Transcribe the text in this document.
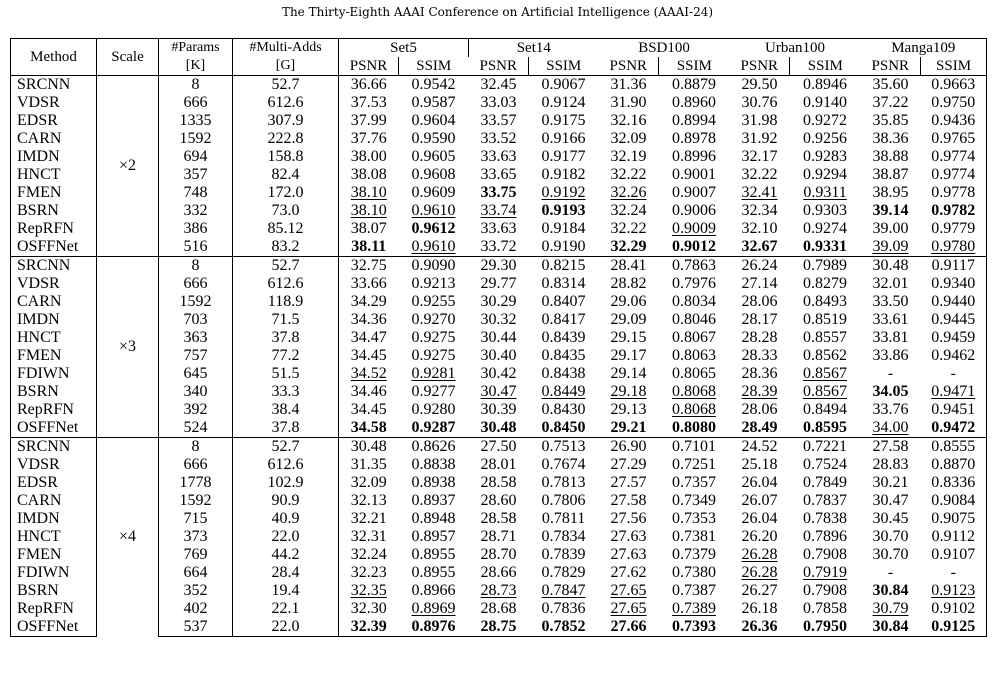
The Thirty-Eighth AAAI Conference on Artificial Intelligence (AAAI-24)
Method	Scale	#Params	#Multi-Adds	Set5		Set14		BSD100		Urban100		Manga109	
		[K]	[G]	PSNR	SSIM	PSNR	SSIM	PSNR	SSIM	PSNR	SSIM	PSNR	SSIM
SRCNN	×2	8	52.7	36.66	0.9542	32.45	0.9067	31.36	0.8879	29.50	0.8946	35.60	0.9663
VDSR		666	612.6	37.53	0.9587	33.03	0.9124	31.90	0.8960	30.76	0.9140	37.22	0.9750
EDSR		1335	307.9	37.99	0.9604	33.57	0.9175	32.16	0.8994	31.98	0.9272	35.85	0.9436
CARN		1592	222.8	37.76	0.9590	33.52	0.9166	32.09	0.8978	31.92	0.9256	38.36	0.9765
IMDN		694	158.8	38.00	0.9605	33.63	0.9177	32.19	0.8996	32.17	0.9283	38.88	0.9774
HNCT		357	82.4	38.08	0.9608	33.65	0.9182	32.22	0.9001	32.22	0.9294	38.87	0.9774
FMEN		748	172.0	38.10	0.9609	33.75	0.9192	32.26	0.9007	32.41	0.9311	38.95	0.9778
BSRN		332	73.0	38.10	0.9610	33.74	0.9193	32.24	0.9006	32.34	0.9303	39.14	0.9782
RepRFN		386	85.12	38.07	0.9612	33.63	0.9184	32.22	0.9009	32.10	0.9274	39.00	0.9779
OSFFNet		516	83.2	38.11	0.9610	33.72	0.9190	32.29	0.9012	32.67	0.9331	39.09	0.9780
SRCNN	×3	8	52.7	32.75	0.9090	29.30	0.8215	28.41	0.7863	26.24	0.7989	30.48	0.9117
VDSR		666	612.6	33.66	0.9213	29.77	0.8314	28.82	0.7976	27.14	0.8279	32.01	0.9340
CARN		1592	118.9	34.29	0.9255	30.29	0.8407	29.06	0.8034	28.06	0.8493	33.50	0.9440
IMDN		703	71.5	34.36	0.9270	30.32	0.8417	29.09	0.8046	28.17	0.8519	33.61	0.9445
HNCT		363	37.8	34.47	0.9275	30.44	0.8439	29.15	0.8067	28.28	0.8557	33.81	0.9459
FMEN		757	77.2	34.45	0.9275	30.40	0.8435	29.17	0.8063	28.33	0.8562	33.86	0.9462
FDIWN		645	51.5	34.52	0.9281	30.42	0.8438	29.14	0.8065	28.36	0.8567	-	-
BSRN		340	33.3	34.46	0.9277	30.47	0.8449	29.18	0.8068	28.39	0.8567	34.05	0.9471
RepRFN		392	38.4	34.45	0.9280	30.39	0.8430	29.13	0.8068	28.06	0.8494	33.76	0.9451
OSFFNet		524	37.8	34.58	0.9287	30.48	0.8450	29.21	0.8080	28.49	0.8595	34.00	0.9472
SRCNN	×4	8	52.7	30.48	0.8626	27.50	0.7513	26.90	0.7101	24.52	0.7221	27.58	0.8555
VDSR		666	612.6	31.35	0.8838	28.01	0.7674	27.29	0.7251	25.18	0.7524	28.83	0.8870
EDSR		1778	102.9	32.09	0.8938	28.58	0.7813	27.57	0.7357	26.04	0.7849	30.21	0.8336
CARN		1592	90.9	32.13	0.8937	28.60	0.7806	27.58	0.7349	26.07	0.7837	30.47	0.9084
IMDN		715	40.9	32.21	0.8948	28.58	0.7811	27.56	0.7353	26.04	0.7838	30.45	0.9075
HNCT		373	22.0	32.31	0.8957	28.71	0.7834	27.63	0.7381	26.20	0.7896	30.70	0.9112
FMEN		769	44.2	32.24	0.8955	28.70	0.7839	27.63	0.7379	26.28	0.7908	30.70	0.9107
FDIWN		664	28.4	32.23	0.8955	28.66	0.7829	27.62	0.7380	26.28	0.7919	-	-
BSRN		352	19.4	32.35	0.8966	28.73	0.7847	27.65	0.7387	26.27	0.7908	30.84	0.9123
RepRFN		402	22.1	32.30	0.8969	28.68	0.7836	27.65	0.7389	26.18	0.7858	30.79	0.9102
OSFFNet		537	22.0	32.39	0.8976	28.75	0.7852	27.66	0.7393	26.36	0.7950	30.84	0.9125
